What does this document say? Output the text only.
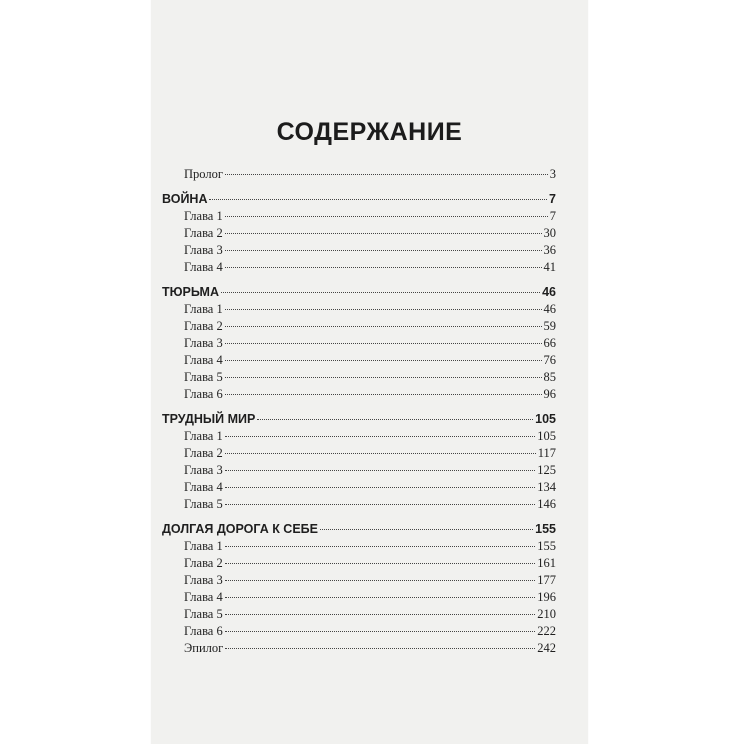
СОДЕРЖАНИЕ
Пролог	3
ВОЙНА	7
Глава 1	7
Глава 2	30
Глава 3	36
Глава 4	41
ТЮРЬМА	46
Глава 1	46
Глава 2	59
Глава 3	66
Глава 4	76
Глава 5	85
Глава 6	96
ТРУДНЫЙ МИР	105
Глава 1	105
Глава 2	117
Глава 3	125
Глава 4	134
Глава 5	146
ДОЛГАЯ ДОРОГА К СЕБЕ	155
Глава 1	155
Глава 2	161
Глава 3	177
Глава 4	196
Глава 5	210
Глава 6	222
Эпилог	242
